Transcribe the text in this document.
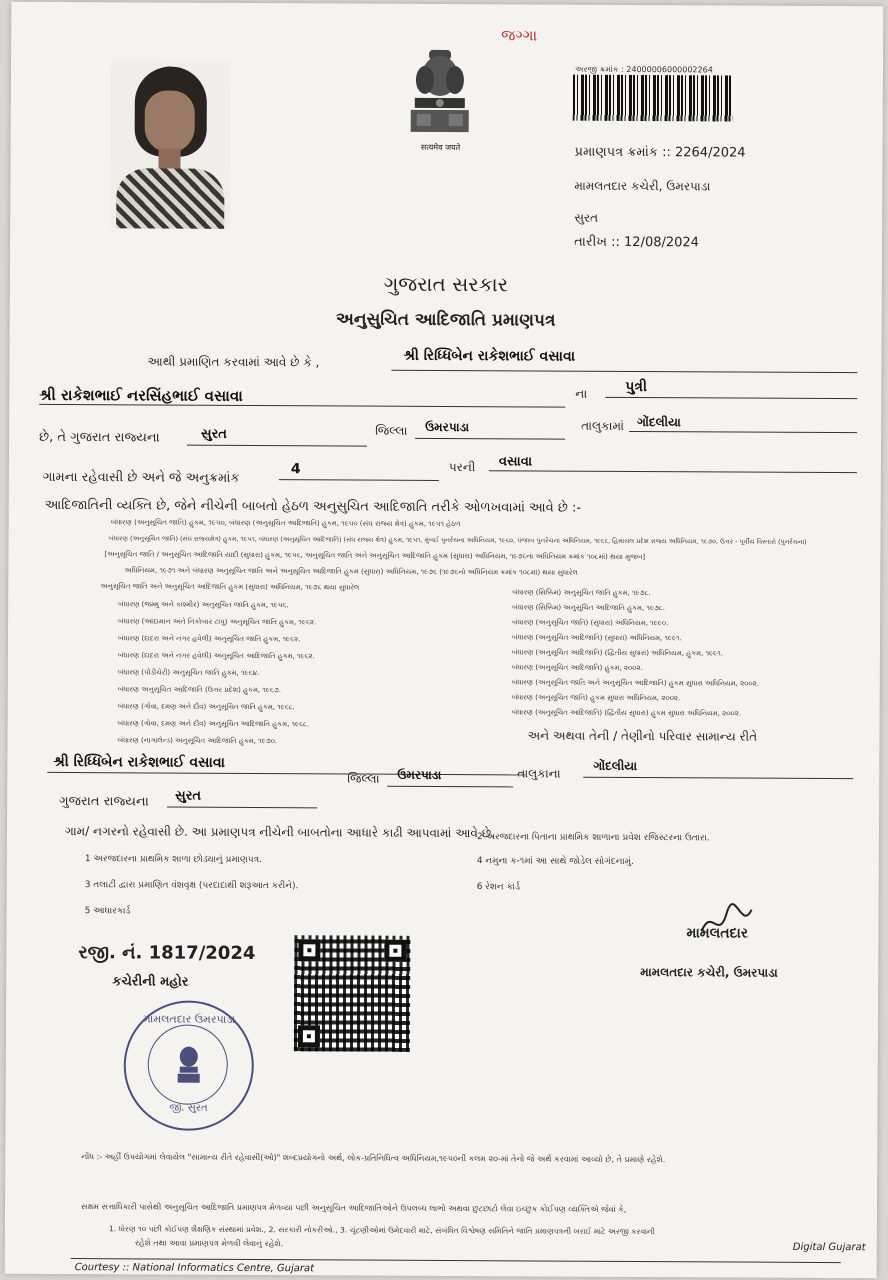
જગ્ગા
सत्यमेव जयते
અરજી ક્રમાંક : 24000006000002264
પ્રમાણપત્ર ક્રમાંક :: 2264/2024
મામલતદાર કચેરી, ઉમરપાડા
સુરત
તારીખ :: 12/08/2024
ગુજરાત સરકાર
અનુસુચિત આદિજાતિ પ્રમાણપત્ર
આથી પ્રમાણિત કરવામાં આવે છે કે ,	શ્રી રિધ્ધિબેન રાકેશભાઈ વસાવા
શ્રી રાકેશભાઈ નરસિંહભાઈ વસાવા	ના	પુત્રી
છે, તે ગુજરાત રાજ્યના	સુરત	જિલ્લા ઉમરપાડા	તાલુકામાં ગોંદલીયા
ગામના રહેવાસી છે અને જે અનુક્રમાંક
4	પરની વસાવા
આદિજાતિની વ્યક્તિ છે, જેને નીચેની બાબતો હેઠળ અનુસુચિત આદિજાતિ તરીકે ઓળખવામાં આવે છે :-
બંધારણ (અનુસૂચિત જાતિ) હુકમ, ૧૯૫૦, બંધારણ (અનુસૂચિત આદિજાતિ) હુકમ, ૧૯૫૦ (સંઘ રાજ્ય ક્ષેત્ર) હુકમ, ૧૯૫૧ હેઠળ
બંધારણ (અનુસૂચિત જાતિ) (સંઘ રાજ્યક્ષેત્ર) હુકમ, ૧૯૫૧, બંધારણ (અનુસૂચિત આદિજાતિ) (સંઘ રાજ્ય ક્ષેત્ર) હુકમ, ૧૯૫૧, મુંબઈ પુનર્રચના અધિનિયમ, ૧૯૬૦, પંજાબ પુનર્રચના અધિનિયમ, ૧૯૬૬, હિમાચલ પ્રદેશ રાજ્ય અધિનિયમ, ૧૯૭૦, ઉત્તર - પૂર્વીય વિસ્તારો (પુનર્રચના)
[અનુસૂચિત જાતિ / અનુસૂચિત આદિજાતિ યાદી (સુધારા) હુકમ, ૧૯૫૬, અનુસૂચિત જાતિ અને અનુસૂચિત આદિજાતિ હુકમ (સુધારા) અધિનિયમ, ૧૯૭૬ના અધિનિયમ ક્રમાંક ૧૦૮માં) થયા મુજબ]
અધિનિયમ, ૧૯૭૧ અને બંધારણ અનુસૂચિત જાતિ અને અનુસૂચિત આદિજાતિ હુકમ (સુધારા) અધિનિયમ, ૧૯૭૬ (૧૯૭૬નો અધિનિયમ ક્રમાંક ૧૦૮માં) થયા સુધારેલ
અનુસૂચિત જાતિ અને અનુસૂચિત આદિજાતિ હુકમ (સુધારા) અધિનિયમ, ૧૯૭૬ થયા સુધારેલ
બંધારણ (જમ્મુ અને કાશ્મીર) અનુસૂચિત જાતિ હુકમ, ૧૯૫૬.
બંધારણ (આંદામાન અને નિકોબાર ટાપુ) અનુસૂચિત જાતિ હુકમ, ૧૯૬૨.
બંધારણ (દાદરા અને નગર હવેલી) અનુસૂચિત જાતિ હુકમ, ૧૯૬૨.
બંધારણ (દાદરા અને નગર હવેલી) અનુસૂચિત આદિજાતિ હુકમ, ૧૯૬૨.
બંધારણ (પોંડીચેરી) અનુસૂચિત જાતિ હુકમ, ૧૯૬૪.
બંધારણ અનુસૂચિત આદિજાતિ (ઉત્તર પ્રદેશ) હુકમ, ૧૯૬૭.
બંધારણ (ગોવા, દમણ અને દીવ) અનુસૂચિત જાતિ હુકમ, ૧૯૬૮.
બંધારણ (ગોવા, દમણ અને દીવ) અનુસૂચિત આદિજાતિ હુકમ, ૧૯૬૮.
બંધારણ (નાગાલેન્ડ) અનુસૂચિત આદિજાતિ હુકમ, ૧૯૭૦.
બંધારણ (સિક્કિમ) અનુસૂચિત જાતિ હુકમ, ૧૯૭૮.
બંધારણ (સિક્કિમ) અનુસૂચિત આદિજાતિ હુકમ, ૧૯૭૮.
બંધારણ (અનુસૂચિત જાતિ) (સુધારા) અધિનિયમ, ૧૯૯૦.
બંધારણ (અનુસૂચિત આદિજાતિ) (સુધારા) અધિનિયમ, ૧૯૯૧.
બંધારણ (અનુસૂચિત આદિજાતિ) (દ્વિતીય સુધારા) અધિનિયમ, હુકમ, ૧૯૯૧.
બંધારણ (અનુસૂચિત આદિજાતિ) હુકમ, ૨૦૦૨.
બંધારણ (અનુસૂચિત જાતિ અને અનુસૂચિત આદિજાતિ) હુકમ સુધારા અધિનિયમ, ૨૦૦૨.
બંધારણ (અનુસૂચિત જાતિ) હુકમ સુધારા અધિનિયમ, ૨૦૦૨.
બંધારણ (અનુસૂચિત આદિજાતિ) (દ્વિતીય સુધારા) હુકમ સુધારા અધિનિયમ, ૨૦૦૨.
અને અથવા તેની / તેણીનો પરિવાર સામાન્ય રીતે
શ્રી રિધ્ધિબેન રાકેશભાઈ વસાવા
ગુજરાત રાજ્યના સુરત
જિલ્લા ઉમરપાડા	તાલુકાના
ગોંદલીયા
ગામ/ નગરનો રહેવાસી છે. આ પ્રમાણપત્ર નીચેની બાબતોના આધારે કાઢી આપવામાં આવે છે.
2 અરજદારના પિતાના પ્રાથમિક શાળાના પ્રવેશ રજિસ્ટરના ઉતારા.
1 અરજદારના પ્રાથમિક શાળા છોડ્યાનું પ્રમાણપત્ર.	4 નમુના ક-૧માં આ સાથે જોડેલ સોગંદનામું.
3 તલાટી દ્વારા પ્રમાણિત વંશવૃક્ષ (પરદાદાથી શરૂઆત કરીને).	6 રેશન કાર્ડ
5 આધારકાર્ડ
રજી. નં. 1817/2024
કચેરીની મહોર
મામલતદાર ઉમરપાડા
જી. સુરત
મામલતદાર
મામલતદાર કચેરી, ઉમરપાડા
નોંધ :- અહીં ઉપયોગમાં લેવાયેલ "સામાન્ય રીતે રહેવાસી(ઓ)" શબ્દપ્રયોગનો અર્થ, લોક-પ્રતિનિધિત્વ અધિનિયમ,૧૯૫૦ની કલમ ૨૦-માં તેનો જે અર્થ કરવામાં આવ્યો છે, તે પ્રમાણે રહેશે.
સક્ષમ સત્તાધિકારી પાસેથી અનુસૂચિત આદિજાતિ પ્રમાણપત્ર મેળવ્યા પછી અનુસૂચિત આદિજાતિઓને ઉપલબ્ધ લાભો અથવા છુટછાટો લેવા ઇચ્છુક કોઈપણ વ્યક્તિએ જેવાં કે,
1. ધોરણ ૧૦ પછી કોઈપણ શૈક્ષણિક સંસ્થામાં પ્રવેશ., 2. સરકારી નોકરીઓ., 3. ચૂંટણીઓમાં ઉમેદવારી માટે, સંબંધિત વિશ્વેષણ સમિતિને જાતિ પ્રમાણપત્રની ખરાઈ માટે અરજી કરવાની
રહેશે તથા આવા પ્રમાણપત્ર મેળવી લેવાનું રહેશે.
Courtesy :: National Informatics Centre, Gujarat
Digital Gujarat
